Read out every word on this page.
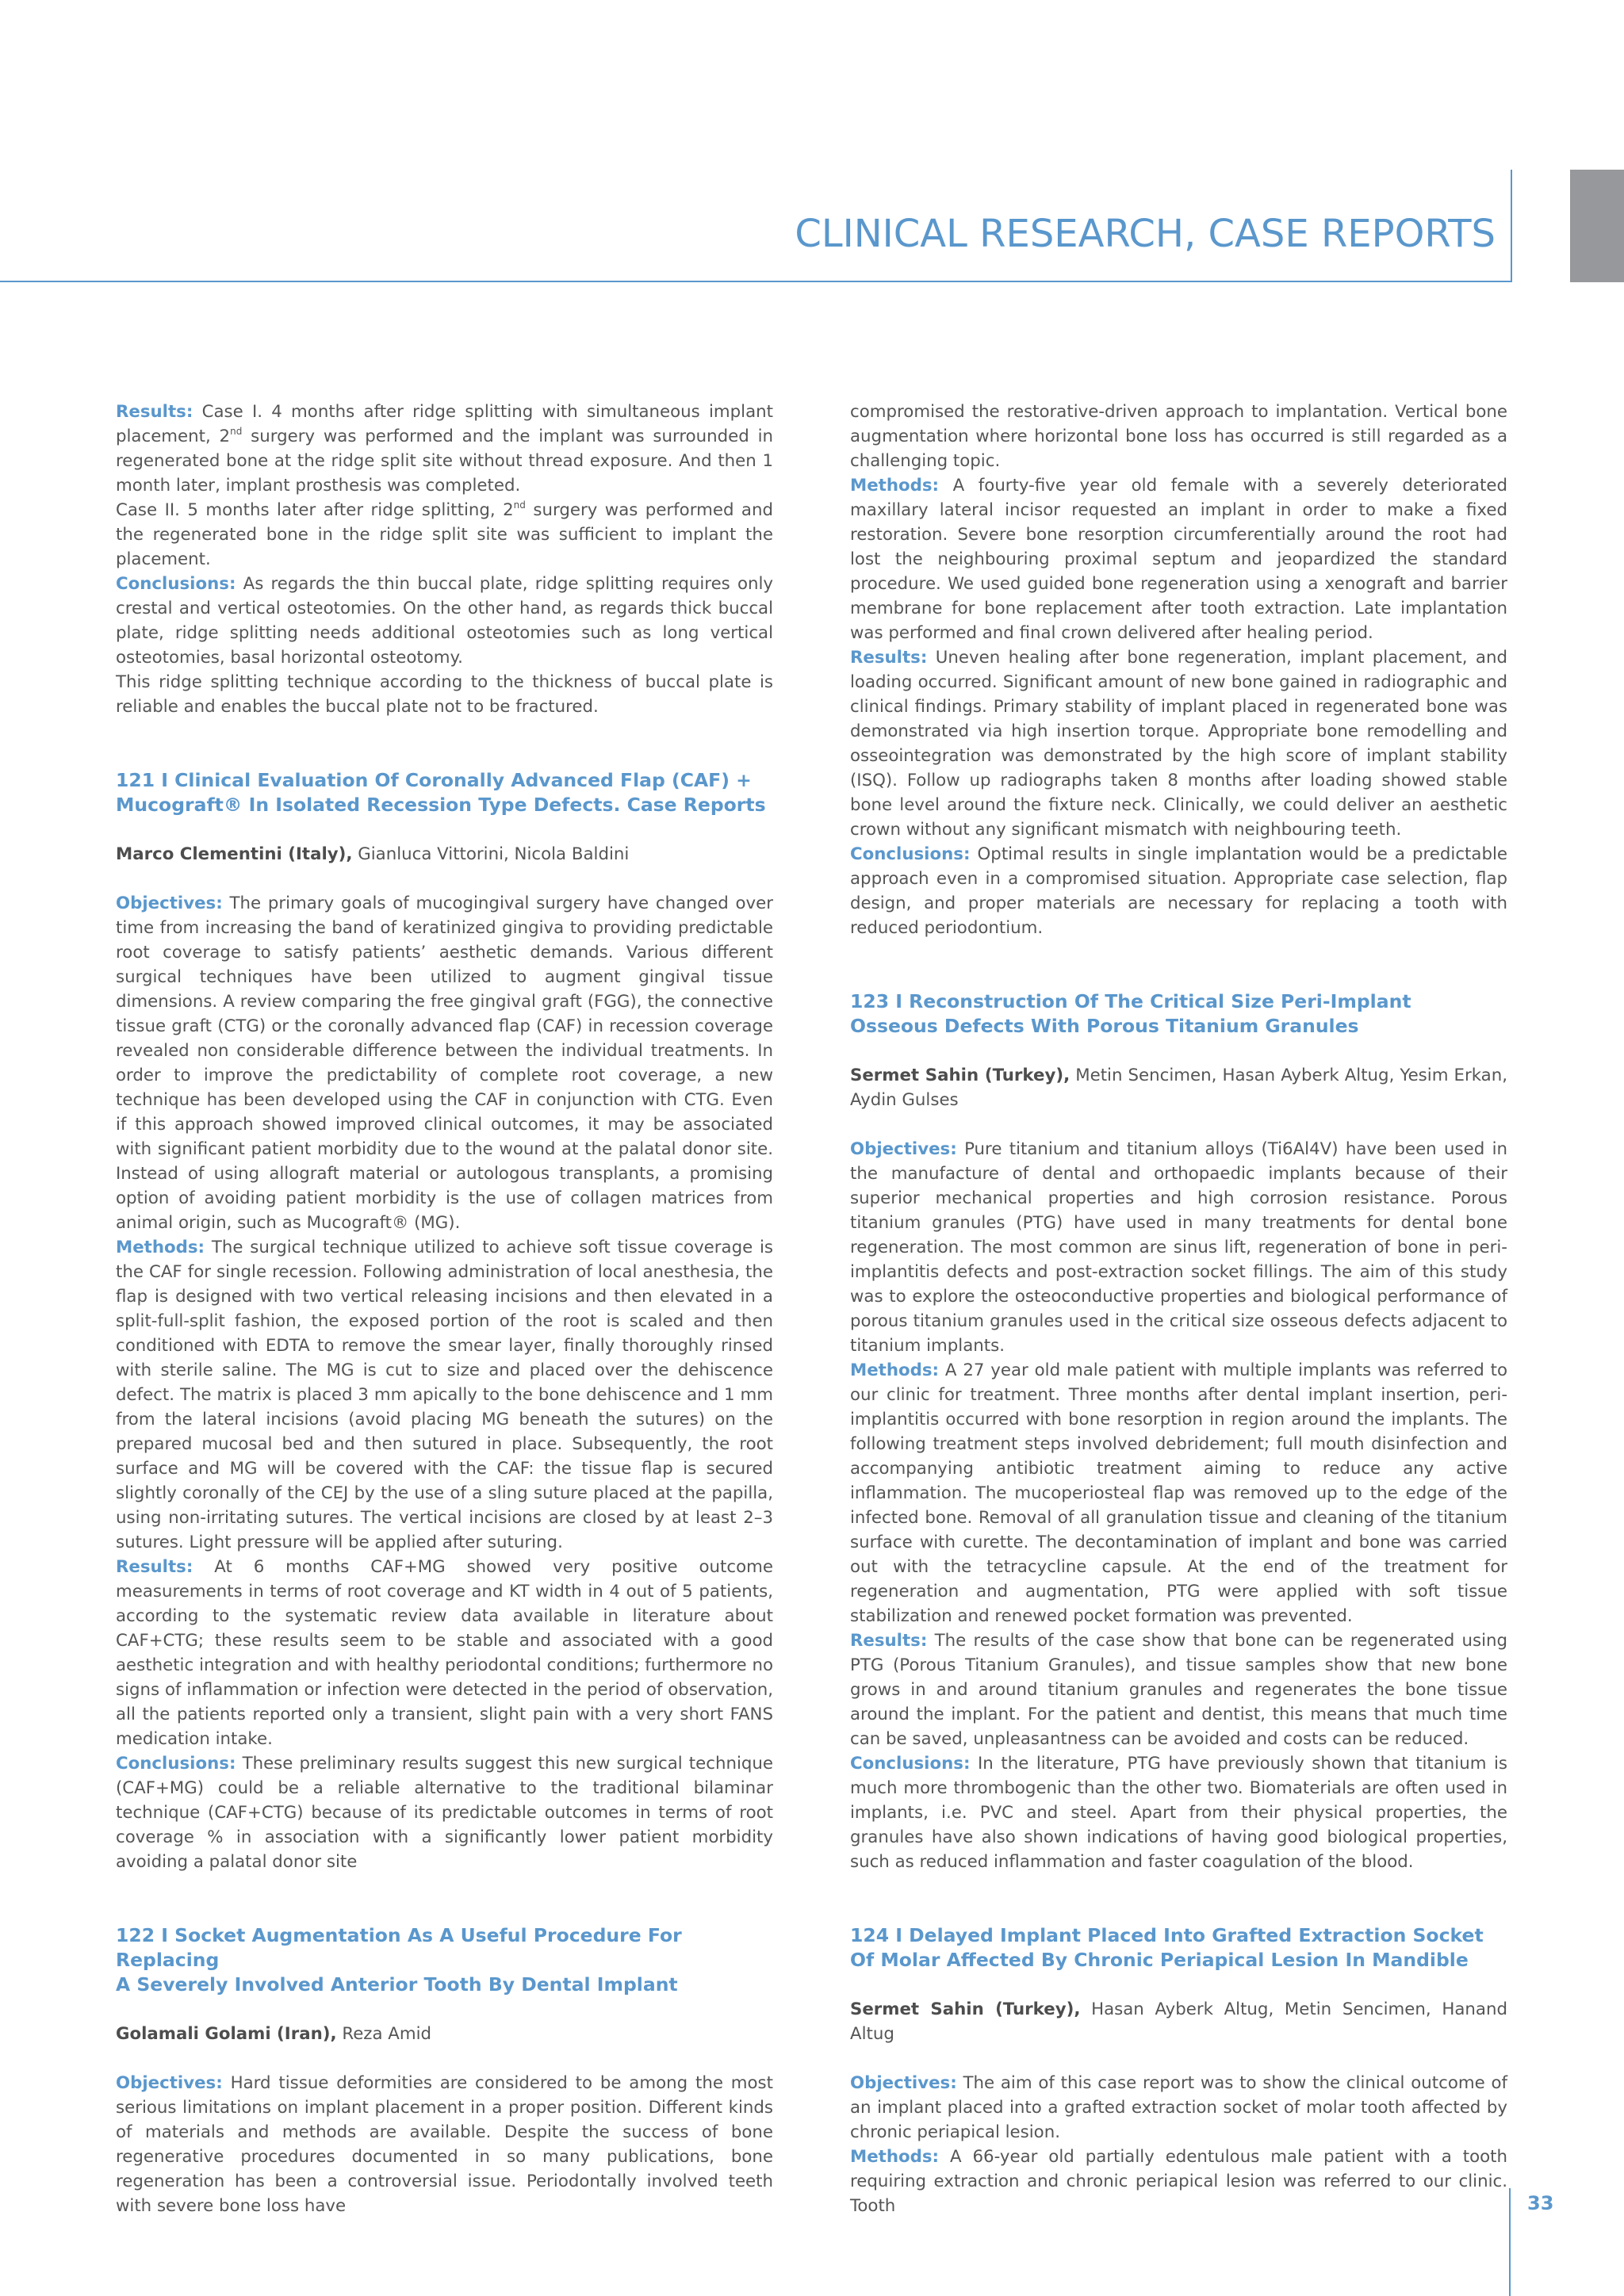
CLINICAL RESEARCH, CASE REPORTS

Results: Case I. 4 months after ridge splitting with simultaneous implant placement, 2nd surgery was performed and the implant was surrounded in regenerated bone at the ridge split site without thread exposure. And then 1 month later, implant prosthesis was completed.

Case II. 5 months later after ridge splitting, 2nd surgery was performed and the regenerated bone in the ridge split site was sufficient to implant the placement.

Conclusions: As regards the thin buccal plate, ridge splitting requires only crestal and vertical osteotomies. On the other hand, as regards thick buccal plate, ridge splitting needs additional osteotomies such as long vertical osteotomies, basal horizontal osteotomy.

This ridge splitting technique according to the thickness of buccal plate is reliable and enables the buccal plate not to be fractured.

121 I Clinical Evaluation Of Coronally Advanced Flap (CAF) +
Mucograft® In Isolated Recession Type Defects. Case Reports

Marco Clementini (Italy), Gianluca Vittorini, Nicola Baldini

Objectives: The primary goals of mucogingival surgery have changed over time from increasing the band of keratinized gingiva to providing predictable root coverage to satisfy patients’ aesthetic demands. Various different surgical techniques have been utilized to augment gingival tissue dimensions. A review comparing the free gingival graft (FGG), the connective tissue graft (CTG) or the coronally advanced flap (CAF) in recession coverage revealed non considerable difference between the individual treatments. In order to improve the predictability of complete root coverage, a new technique has been developed using the CAF in conjunction with CTG. Even if this approach showed improved clinical outcomes, it may be associated with significant patient morbidity due to the wound at the palatal donor site. Instead of using allograft material or autologous transplants, a promising option of avoiding patient morbidity is the use of collagen matrices from animal origin, such as Mucograft® (MG).

Methods: The surgical technique utilized to achieve soft tissue coverage is the CAF for single recession. Following administration of local anesthesia, the flap is designed with two vertical releasing incisions and then elevated in a split-full-split fashion, the exposed portion of the root is scaled and then conditioned with EDTA to remove the smear layer, finally thoroughly rinsed with sterile saline. The MG is cut to size and placed over the dehiscence defect. The matrix is placed 3 mm apically to the bone dehiscence and 1 mm from the lateral incisions (avoid placing MG beneath the sutures) on the prepared mucosal bed and then sutured in place. Subsequently, the root surface and MG will be covered with the CAF: the tissue flap is secured slightly coronally of the CEJ by the use of a sling suture placed at the papilla, using non-irritating sutures. The vertical incisions are closed by at least 2–3 sutures. Light pressure will be applied after suturing.

Results: At 6 months CAF+MG showed very positive outcome measurements in terms of root coverage and KT width in 4 out of 5 patients, according to the systematic review data available in literature about CAF+CTG; these results seem to be stable and associated with a good aesthetic integration and with healthy periodontal conditions; furthermore no signs of inflammation or infection were detected in the period of observation, all the patients reported only a transient, slight pain with a very short FANS medication intake.

Conclusions: These preliminary results suggest this new surgical technique (CAF+MG) could be a reliable alternative to the traditional bilaminar technique (CAF+CTG) because of its predictable outcomes in terms of root coverage % in association with a significantly lower patient morbidity avoiding a palatal donor site

122 I Socket Augmentation As A Useful Procedure For Replacing
A Severely Involved Anterior Tooth By Dental Implant

Golamali Golami (Iran), Reza Amid

Objectives: Hard tissue deformities are considered to be among the most serious limitations on implant placement in a proper position. Different kinds of materials and methods are available. Despite the success of bone regenerative procedures documented in so many publications, bone regeneration has been a controversial issue. Periodontally involved teeth with severe bone loss have

compromised the restorative-driven approach to implantation. Vertical bone augmentation where horizontal bone loss has occurred is still regarded as a challenging topic.

Methods: A fourty-five year old female with a severely deteriorated maxillary lateral incisor requested an implant in order to make a fixed restoration. Severe bone resorption circumferentially around the root had lost the neighbouring proximal septum and jeopardized the standard procedure. We used guided bone regeneration using a xenograft and barrier membrane for bone replacement after tooth extraction. Late implantation was performed and final crown delivered after healing period.

Results: Uneven healing after bone regeneration, implant placement, and loading occurred. Significant amount of new bone gained in radiographic and clinical findings. Primary stability of implant placed in regenerated bone was demonstrated via high insertion torque. Appropriate bone remodelling and osseointegration was demonstrated by the high score of implant stability (ISQ). Follow up radiographs taken 8 months after loading showed stable bone level around the fixture neck. Clinically, we could deliver an aesthetic crown without any significant mismatch with neighbouring teeth.

Conclusions: Optimal results in single implantation would be a predictable approach even in a compromised situation. Appropriate case selection, flap design, and proper materials are necessary for replacing a tooth with reduced periodontium.

123 I Reconstruction Of The Critical Size Peri-Implant
Osseous Defects With Porous Titanium Granules

Sermet Sahin (Turkey), Metin Sencimen, Hasan Ayberk Altug, Yesim Erkan, Aydin Gulses

Objectives: Pure titanium and titanium alloys (Ti6Al4V) have been used in the manufacture of dental and orthopaedic implants because of their superior mechanical properties and high corrosion resistance. Porous titanium granules (PTG) have used in many treatments for dental bone regeneration. The most common are sinus lift, regeneration of bone in peri-implantitis defects and post-extraction socket fillings. The aim of this study was to explore the osteoconductive properties and biological performance of porous titanium granules used in the critical size osseous defects adjacent to titanium implants.

Methods: A 27 year old male patient with multiple implants was referred to our clinic for treatment. Three months after dental implant insertion, peri-implantitis occurred with bone resorption in region around the implants. The following treatment steps involved debridement; full mouth disinfection and accompanying antibiotic treatment aiming to reduce any active inflammation. The mucoperiosteal flap was removed up to the edge of the infected bone. Removal of all granulation tissue and cleaning of the titanium surface with curette. The decontamination of implant and bone was carried out with the tetracycline capsule. At the end of the treatment for regeneration and augmentation, PTG were applied with soft tissue stabilization and renewed pocket formation was prevented.

Results: The results of the case show that bone can be regenerated using PTG (Porous Titanium Granules), and tissue samples show that new bone grows in and around titanium granules and regenerates the bone tissue around the implant. For the patient and dentist, this means that much time can be saved, unpleasantness can be avoided and costs can be reduced.

Conclusions: In the literature, PTG have previously shown that titanium is much more thrombogenic than the other two. Biomaterials are often used in implants, i.e. PVC and steel. Apart from their physical properties, the granules have also shown indications of having good biological properties, such as reduced inflammation and faster coagulation of the blood.

124 I Delayed Implant Placed Into Grafted Extraction Socket
Of Molar Affected By Chronic Periapical Lesion In Mandible

Sermet Sahin (Turkey), Hasan Ayberk Altug, Metin Sencimen, Hanand Altug

Objectives: The aim of this case report was to show the clinical outcome of an implant placed into a grafted extraction socket of molar tooth affected by chronic periapical lesion.

Methods: A 66-year old partially edentulous male patient with a tooth requiring extraction and chronic periapical lesion was referred to our clinic. Tooth	33
